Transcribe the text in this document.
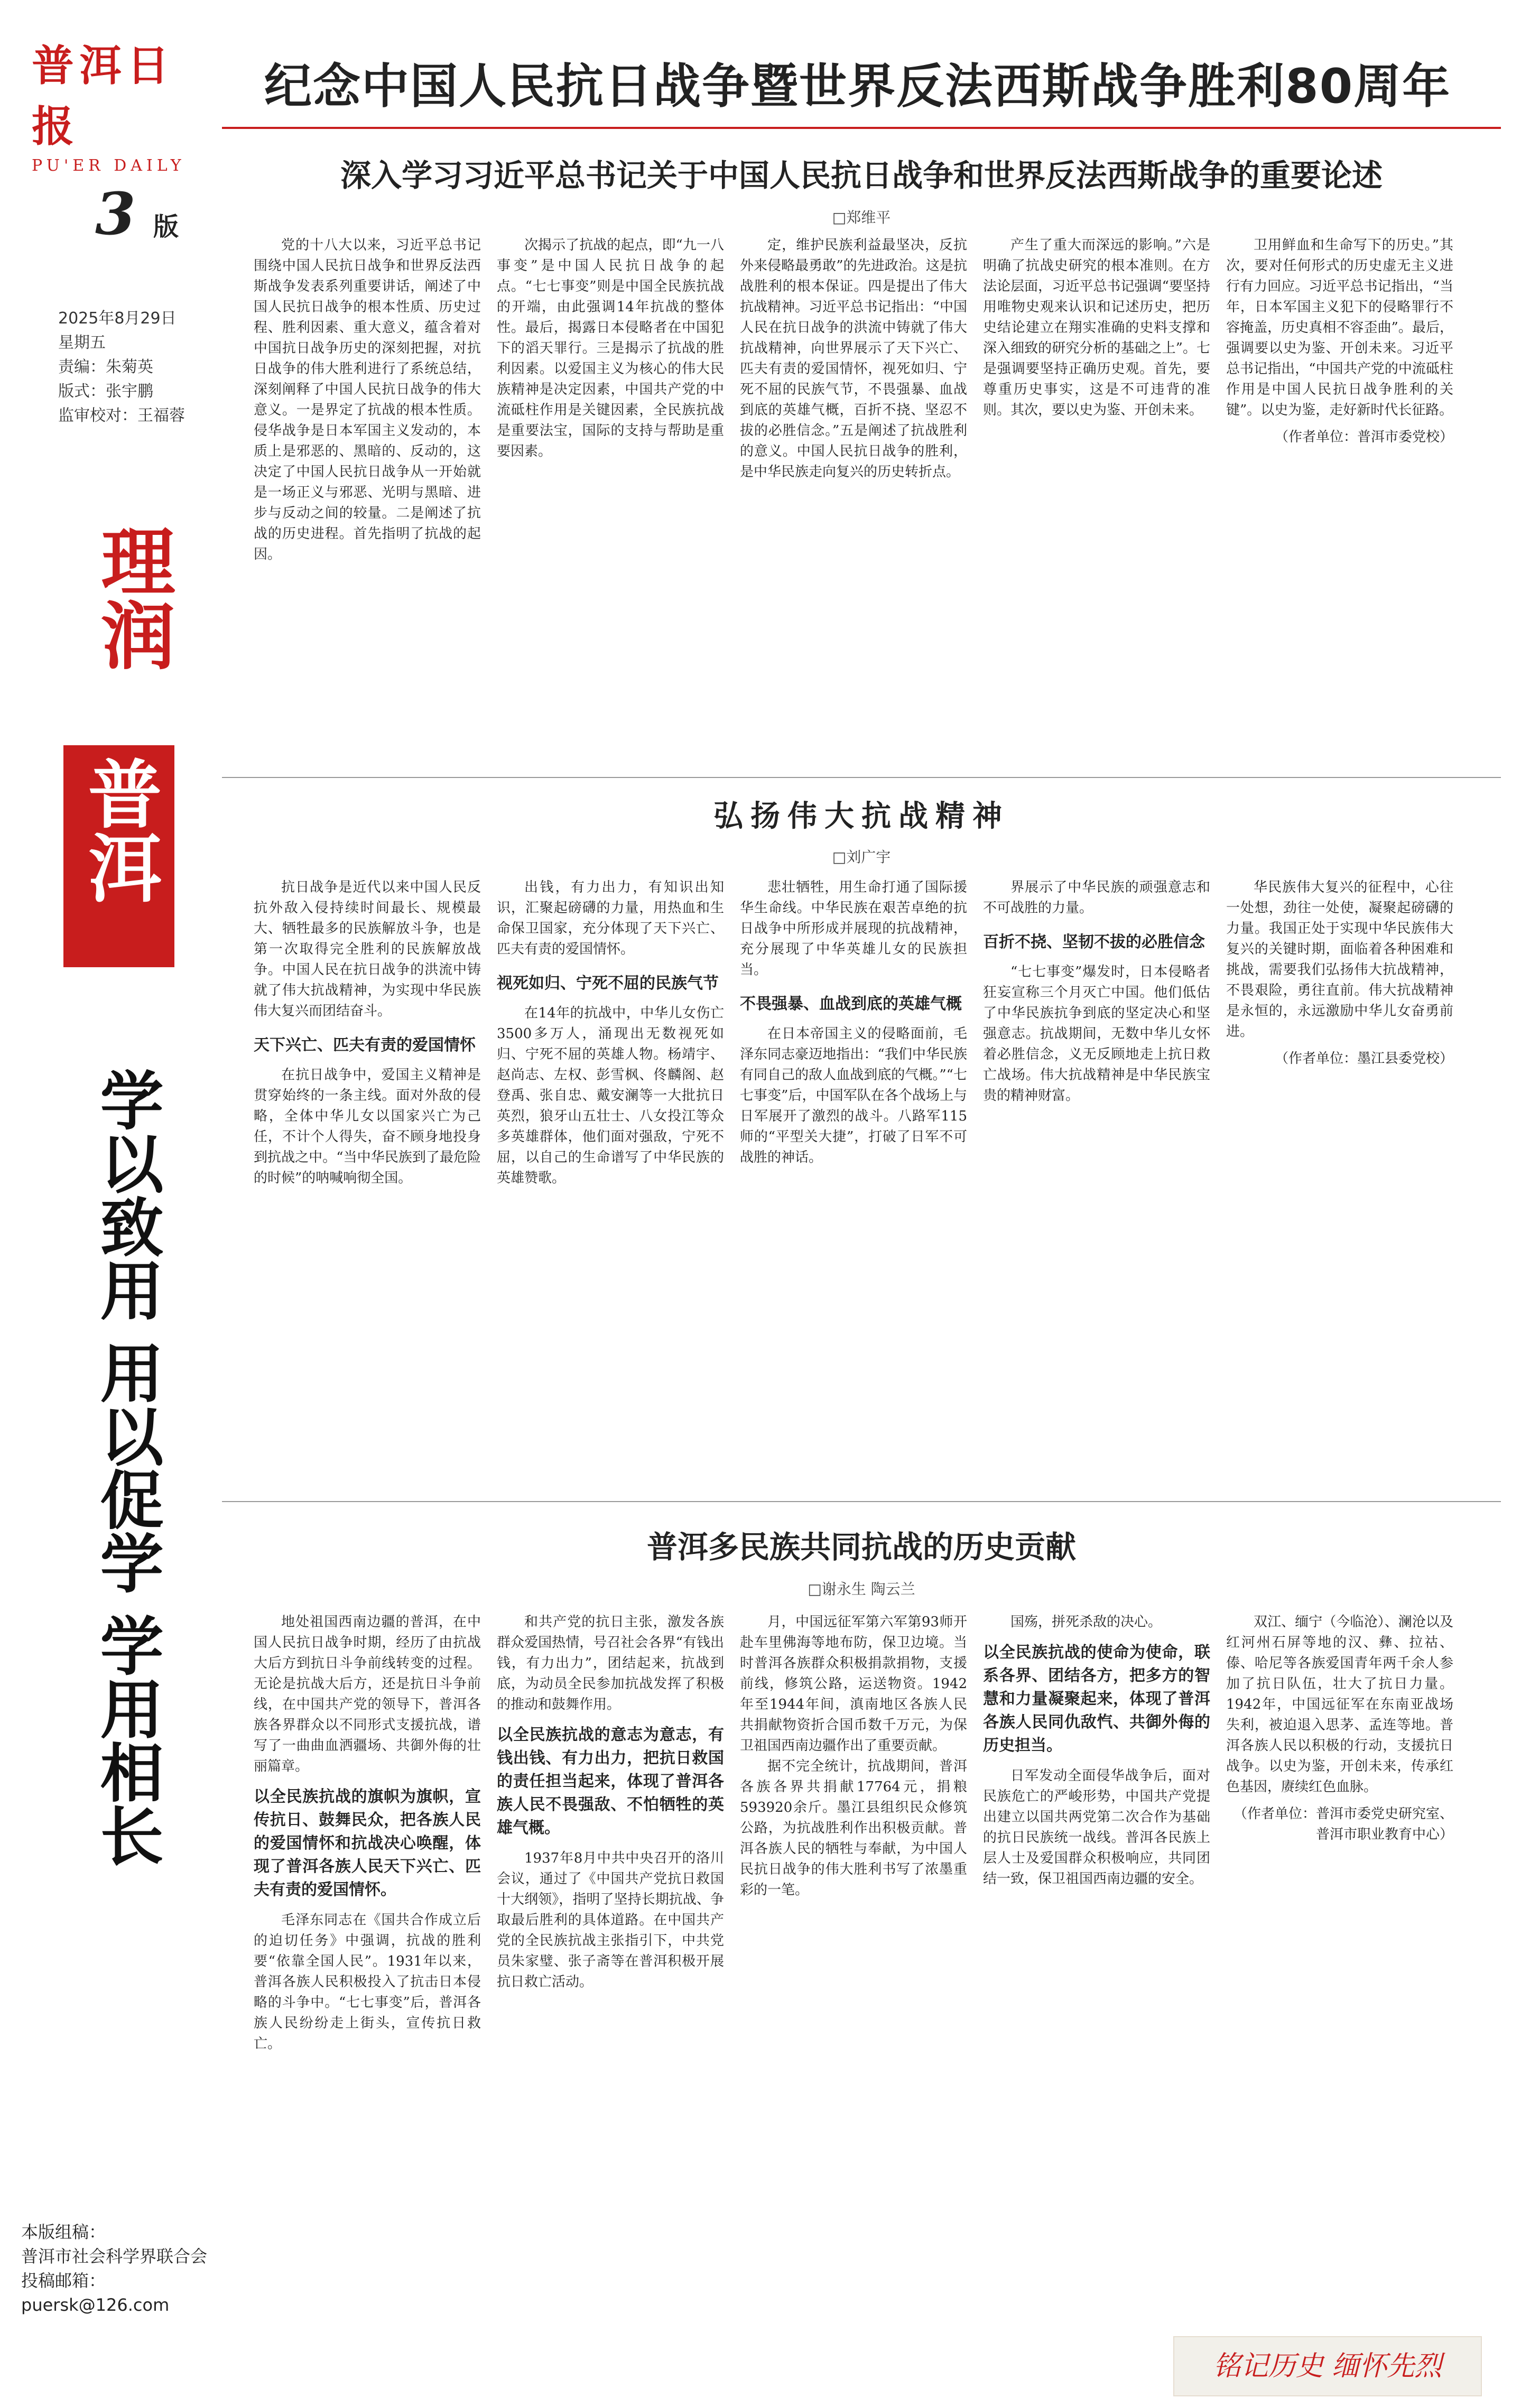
普洱日报
PU'ER DAILY
3 版
2025年8月29日
星期五
责编：朱菊英
版式：张宇鹏
监审校对：王福蓉
理润
普洱
学以致用 用以促学 学用相长
本版组稿：
普洱市社会科学界联合会
投稿邮箱：
puersk@126.com
纪念中国人民抗日战争暨世界反法西斯战争胜利80周年
深入学习习近平总书记关于中国人民抗日战争和世界反法西斯战争的重要论述
□郑维平

党的十八大以来，习近平总书记围绕中国人民抗日战争和世界反法西斯战争发表系列重要讲话，阐述了中国人民抗日战争的根本性质、历史过程、胜利因素、重大意义，蕴含着对中国抗日战争历史的深刻把握，对抗日战争的伟大胜利进行了系统总结，深刻阐释了中国人民抗日战争的伟大意义。一是界定了抗战的根本性质。侵华战争是日本军国主义发动的，本质上是邪恶的、黑暗的、反动的，这决定了中国人民抗日战争从一开始就是一场正义与邪恶、光明与黑暗、进步与反动之间的较量。二是阐述了抗战的历史进程。首先指明了抗战的起因。

次揭示了抗战的起点，即“九一八事变”是中国人民抗日战争的起点。“七七事变”则是中国全民族抗战的开端，由此强调14年抗战的整体性。最后，揭露日本侵略者在中国犯下的滔天罪行。三是揭示了抗战的胜利因素。以爱国主义为核心的伟大民族精神是决定因素，中国共产党的中流砥柱作用是关键因素，全民族抗战是重要法宝，国际的支持与帮助是重要因素。

定，维护民族利益最坚决，反抗外来侵略最勇敢”的先进政治。这是抗战胜利的根本保证。四是提出了伟大抗战精神。习近平总书记指出：“中国人民在抗日战争的洪流中铸就了伟大抗战精神，向世界展示了天下兴亡、匹夫有责的爱国情怀，视死如归、宁死不屈的民族气节，不畏强暴、血战到底的英雄气概，百折不挠、坚忍不拔的必胜信念。”五是阐述了抗战胜利的意义。中国人民抗日战争的胜利，是中华民族走向复兴的历史转折点。

产生了重大而深远的影响。”六是明确了抗战史研究的根本准则。在方法论层面，习近平总书记强调“要坚持用唯物史观来认识和记述历史，把历史结论建立在翔实准确的史料支撑和深入细致的研究分析的基础之上”。七是强调要坚持正确历史观。首先，要尊重历史事实，这是不可违背的准则。其次，要以史为鉴、开创未来。

卫用鲜血和生命写下的历史。”其次，要对任何形式的历史虚无主义进行有力回应。习近平总书记指出，“当年，日本军国主义犯下的侵略罪行不容掩盖，历史真相不容歪曲”。最后，强调要以史为鉴、开创未来。习近平总书记指出，“中国共产党的中流砥柱作用是中国人民抗日战争胜利的关键”。以史为鉴，走好新时代长征路。

（作者单位：普洱市委党校）
弘扬伟大抗战精神
□刘广宇

抗日战争是近代以来中国人民反抗外敌入侵持续时间最长、规模最大、牺牲最多的民族解放斗争，也是第一次取得完全胜利的民族解放战争。中国人民在抗日战争的洪流中铸就了伟大抗战精神，为实现中华民族伟大复兴而团结奋斗。

天下兴亡、匹夫有责的爱国情怀

在抗日战争中，爱国主义精神是贯穿始终的一条主线。面对外敌的侵略，全体中华儿女以国家兴亡为己任，不计个人得失，奋不顾身地投身到抗战之中。“当中华民族到了最危险的时候”的呐喊响彻全国。

出钱，有力出力，有知识出知识，汇聚起磅礴的力量，用热血和生命保卫国家，充分体现了天下兴亡、匹夫有责的爱国情怀。

视死如归、宁死不屈的民族气节

在14年的抗战中，中华儿女伤亡3500多万人，涌现出无数视死如归、宁死不屈的英雄人物。杨靖宇、赵尚志、左权、彭雪枫、佟麟阁、赵登禹、张自忠、戴安澜等一大批抗日英烈，狼牙山五壮士、八女投江等众多英雄群体，他们面对强敌，宁死不屈，以自己的生命谱写了中华民族的英雄赞歌。

悲壮牺牲，用生命打通了国际援华生命线。中华民族在艰苦卓绝的抗日战争中所形成并展现的抗战精神，充分展现了中华英雄儿女的民族担当。

不畏强暴、血战到底的英雄气概

在日本帝国主义的侵略面前，毛泽东同志豪迈地指出：“我们中华民族有同自己的敌人血战到底的气概。”“七七事变”后，中国军队在各个战场上与日军展开了激烈的战斗。八路军115师的“平型关大捷”，打破了日军不可战胜的神话。

界展示了中华民族的顽强意志和不可战胜的力量。

百折不挠、坚韧不拔的必胜信念

“七七事变”爆发时，日本侵略者狂妄宣称三个月灭亡中国。他们低估了中华民族抗争到底的坚定决心和坚强意志。抗战期间，无数中华儿女怀着必胜信念，义无反顾地走上抗日救亡战场。伟大抗战精神是中华民族宝贵的精神财富。

华民族伟大复兴的征程中，心往一处想，劲往一处使，凝聚起磅礴的力量。我国正处于实现中华民族伟大复兴的关键时期，面临着各种困难和挑战，需要我们弘扬伟大抗战精神，不畏艰险，勇往直前。伟大抗战精神是永恒的，永远激励中华儿女奋勇前进。

（作者单位：墨江县委党校）
普洱多民族共同抗战的历史贡献
□谢永生 陶云兰

地处祖国西南边疆的普洱，在中国人民抗日战争时期，经历了由抗战大后方到抗日斗争前线转变的过程。无论是抗战大后方，还是抗日斗争前线，在中国共产党的领导下，普洱各族各界群众以不同形式支援抗战，谱写了一曲曲血洒疆场、共御外侮的壮丽篇章。

以全民族抗战的旗帜为旗帜，宣传抗日、鼓舞民众，把各族人民的爱国情怀和抗战决心唤醒，体现了普洱各族人民天下兴亡、匹夫有责的爱国情怀。

毛泽东同志在《国共合作成立后的迫切任务》中强调，抗战的胜利要“依靠全国人民”。1931年以来，普洱各族人民积极投入了抗击日本侵略的斗争中。“七七事变”后，普洱各族人民纷纷走上街头，宣传抗日救亡。

和共产党的抗日主张，激发各族群众爱国热情，号召社会各界“有钱出钱，有力出力”，团结起来，抗战到底，为动员全民参加抗战发挥了积极的推动和鼓舞作用。

以全民族抗战的意志为意志，有钱出钱、有力出力，把抗日救国的责任担当起来，体现了普洱各族人民不畏强敌、不怕牺牲的英雄气概。

1937年8月中共中央召开的洛川会议，通过了《中国共产党抗日救国十大纲领》，指明了坚持长期抗战、争取最后胜利的具体道路。在中国共产党的全民族抗战主张指引下，中共党员朱家璧、张子斋等在普洱积极开展抗日救亡活动。

月，中国远征军第六军第93师开赴车里佛海等地布防，保卫边境。当时普洱各族群众积极捐款捐物，支援前线，修筑公路，运送物资。1942年至1944年间，滇南地区各族人民共捐献物资折合国币数千万元，为保卫祖国西南边疆作出了重要贡献。

据不完全统计，抗战期间，普洱各族各界共捐献17764元，捐粮593920余斤。墨江县组织民众修筑公路，为抗战胜利作出积极贡献。普洱各族人民的牺牲与奉献，为中国人民抗日战争的伟大胜利书写了浓墨重彩的一笔。

国殇，拼死杀敌的决心。

以全民族抗战的使命为使命，联系各界、团结各方，把多方的智慧和力量凝聚起来，体现了普洱各族人民同仇敌忾、共御外侮的历史担当。

日军发动全面侵华战争后，面对民族危亡的严峻形势，中国共产党提出建立以国共两党第二次合作为基础的抗日民族统一战线。普洱各民族上层人士及爱国群众积极响应，共同团结一致，保卫祖国西南边疆的安全。

双江、缅宁（今临沧）、澜沧以及红河州石屏等地的汉、彝、拉祜、傣、哈尼等各族爱国青年两千余人参加了抗日队伍，壮大了抗日力量。1942年，中国远征军在东南亚战场失利，被迫退入思茅、孟连等地。普洱各族人民以积极的行动，支援抗日战争。以史为鉴，开创未来，传承红色基因，赓续红色血脉。

（作者单位：普洱市委党史研究室、普洱市职业教育中心）
铭记历史 缅怀先烈
